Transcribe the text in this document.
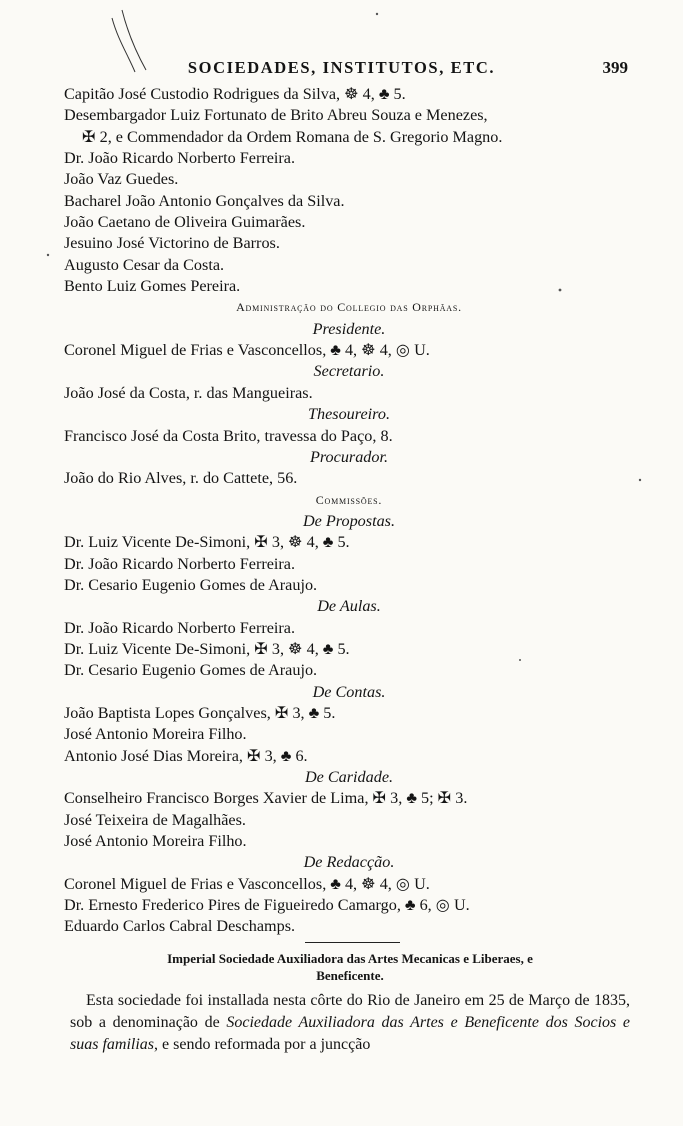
SOCIEDADES, INSTITUTOS, ETC.	399
Capitão José Custodio Rodrigues da Silva, ☸ 4, ♣ 5.
Desembargador Luiz Fortunato de Brito Abreu Souza e Menezes,
✠ 2, e Commendador da Ordem Romana de S. Gregorio Magno.
Dr. João Ricardo Norberto Ferreira.
João Vaz Guedes.
Bacharel João Antonio Gonçalves da Silva.
João Caetano de Oliveira Guimarães.
Jesuino José Victorino de Barros.
Augusto Cesar da Costa.
Bento Luiz Gomes Pereira.
Administração do Collegio das Orphãas.
Presidente.
Coronel Miguel de Frias e Vasconcellos, ♣ 4, ☸ 4, ◎ U.
Secretario.
João José da Costa, r. das Mangueiras.
Thesoureiro.
Francisco José da Costa Brito, travessa do Paço, 8.
Procurador.
João do Rio Alves, r. do Cattete, 56.
Commissões.
De Propostas.
Dr. Luiz Vicente De-Simoni, ✠ 3, ☸ 4, ♣ 5.
Dr. João Ricardo Norberto Ferreira.
Dr. Cesario Eugenio Gomes de Araujo.
De Aulas.
Dr. João Ricardo Norberto Ferreira.
Dr. Luiz Vicente De-Simoni, ✠ 3, ☸ 4, ♣ 5.
Dr. Cesario Eugenio Gomes de Araujo.
De Contas.
João Baptista Lopes Gonçalves, ✠ 3, ♣ 5.
José Antonio Moreira Filho.
Antonio José Dias Moreira, ✠ 3, ♣ 6.
De Caridade.
Conselheiro Francisco Borges Xavier de Lima, ✠ 3, ♣ 5; ✠ 3.
José Teixeira de Magalhães.
José Antonio Moreira Filho.
De Redacção.
Coronel Miguel de Frias e Vasconcellos, ♣ 4, ☸ 4, ◎ U.
Dr. Ernesto Frederico Pires de Figueiredo Camargo, ♣ 6, ◎ U.
Eduardo Carlos Cabral Deschamps.
Imperial Sociedade Auxiliadora das Artes Mecanicas e Liberaes, e
Beneficente.
Esta sociedade foi installada nesta côrte do Rio de Janeiro em 25 de Março de 1835, sob a denominação de Sociedade Auxiliadora das Artes e Beneficente dos Socios e suas familias, e sendo reformada por a juncção
